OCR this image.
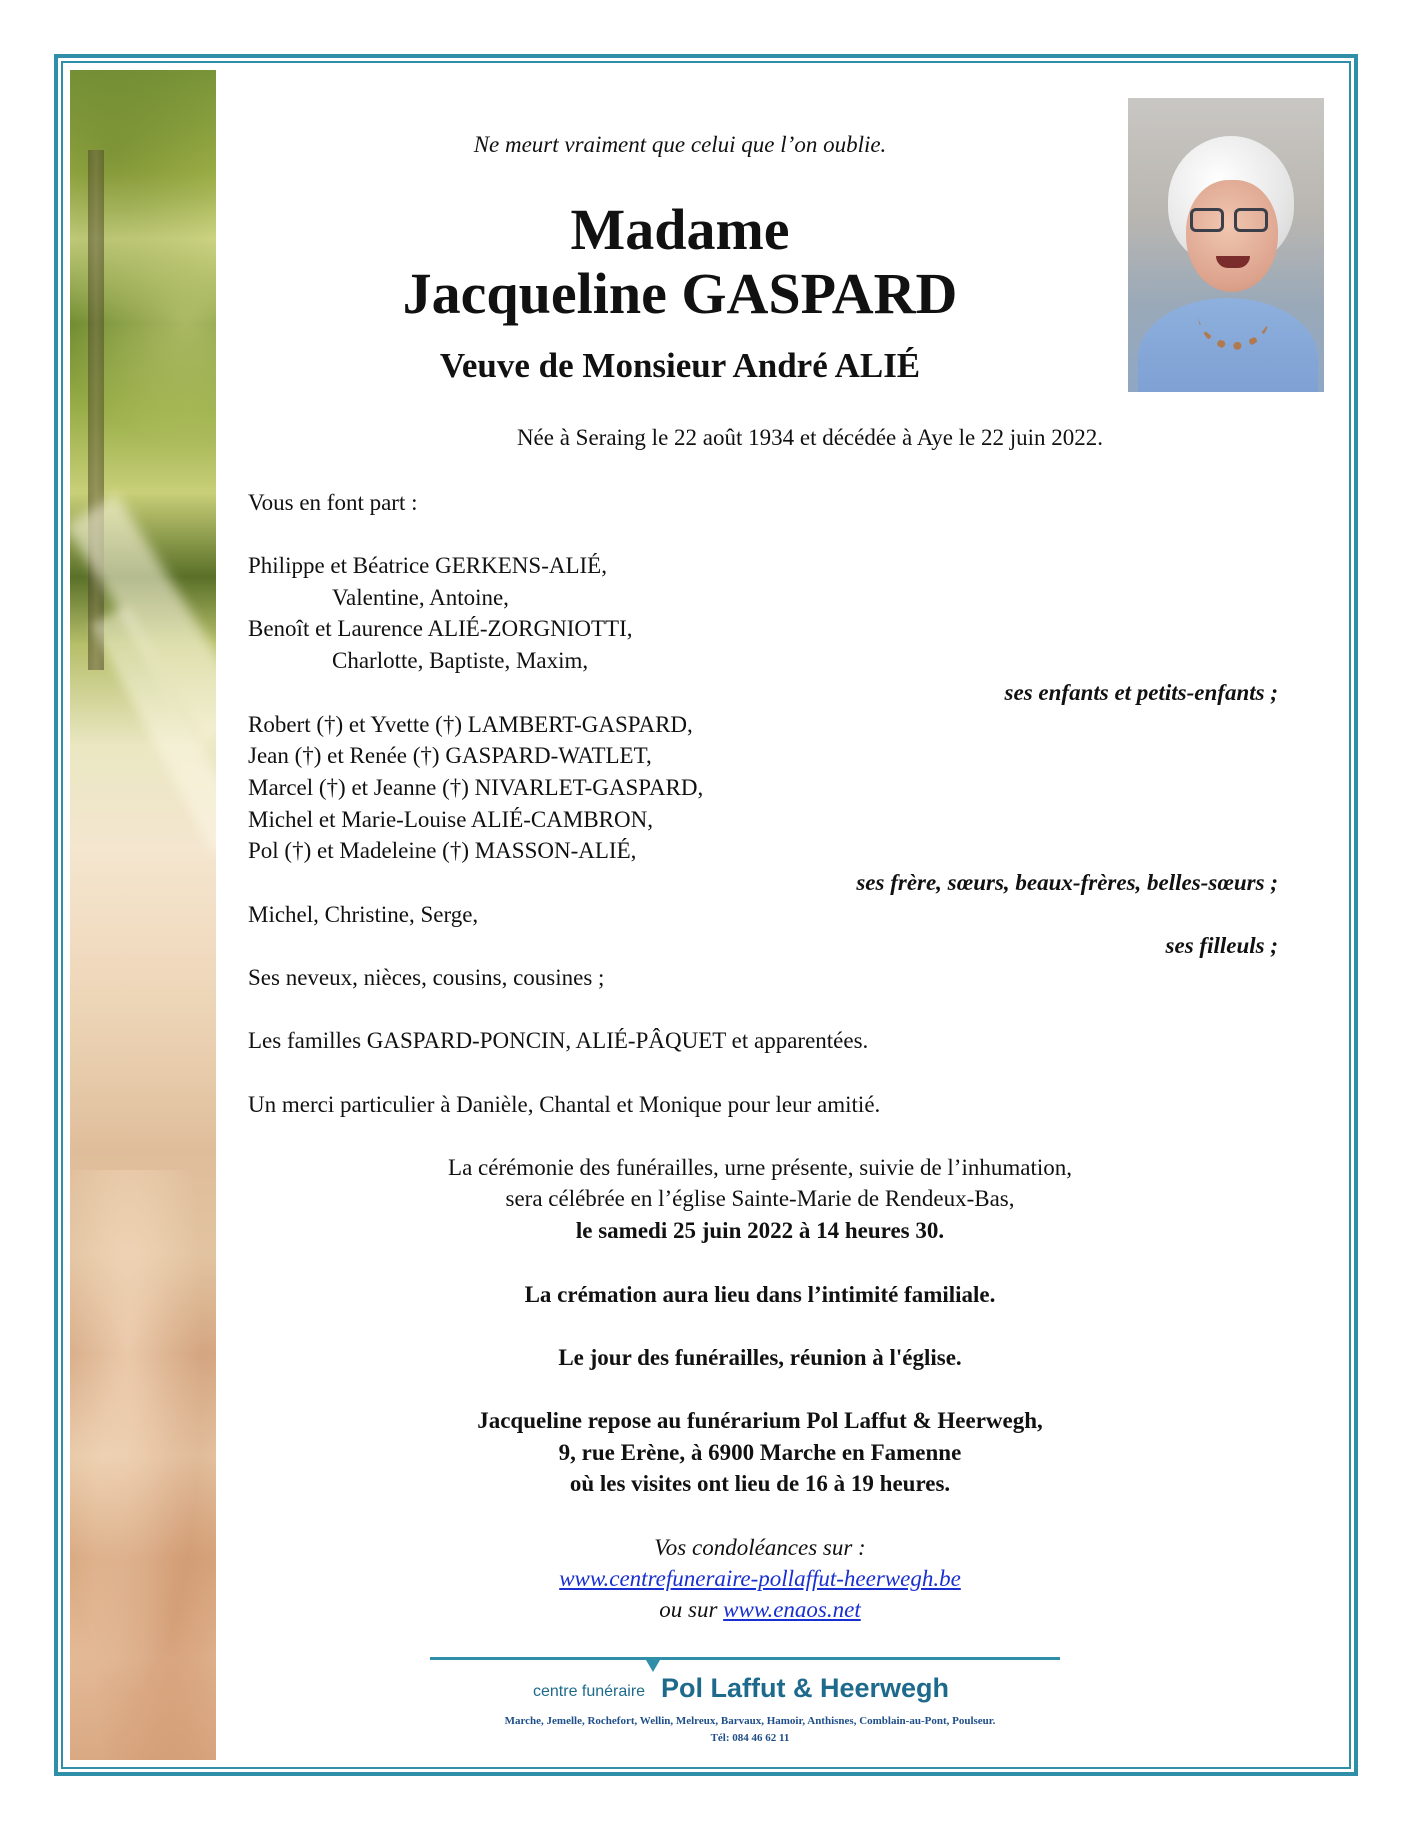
Ne meurt vraiment que celui que l’on oublie.
Madame
Jacqueline GASPARD
Veuve de Monsieur André ALIÉ
Née à Seraing le 22 août 1934 et décédée à Aye le 22 juin 2022.
Vous en font part :
Philippe et Béatrice GERKENS-ALIÉ,
Valentine, Antoine,
Benoît et Laurence ALIÉ-ZORGNIOTTI,
Charlotte, Baptiste, Maxim,
ses enfants et petits-enfants ;
Robert (†) et Yvette (†) LAMBERT-GASPARD,
Jean (†) et Renée (†) GASPARD-WATLET,
Marcel (†) et Jeanne (†) NIVARLET-GASPARD,
Michel et Marie-Louise ALIÉ-CAMBRON,
Pol (†) et Madeleine (†) MASSON-ALIÉ,
ses frère, sœurs, beaux-frères, belles-sœurs ;
Michel, Christine, Serge,
ses filleuls ;
Ses neveux, nièces, cousins, cousines ;
Les familles GASPARD-PONCIN, ALIÉ-PÂQUET et apparentées.
Un merci particulier à Danièle, Chantal et Monique pour leur amitié.
La cérémonie des funérailles, urne présente, suivie de l’inhumation,
sera célébrée en l’église Sainte-Marie de Rendeux-Bas,
le samedi 25 juin 2022 à 14 heures 30.
La crémation aura lieu dans l’intimité familiale.
Le jour des funérailles, réunion à l'église.
Jacqueline repose au funérarium Pol Laffut & Heerwegh,
9, rue Erène, à 6900 Marche en Famenne
où les visites ont lieu de 16 à 19 heures.
Vos condoléances sur :
www.centrefuneraire-pollaffut-heerwegh.be
ou sur www.enaos.net
centre funéraire Pol Laffut & Heerwegh
Marche, Jemelle, Rochefort, Wellin, Melreux, Barvaux, Hamoir, Anthisnes, Comblain-au-Pont, Poulseur.
Tél: 084 46 62 11
